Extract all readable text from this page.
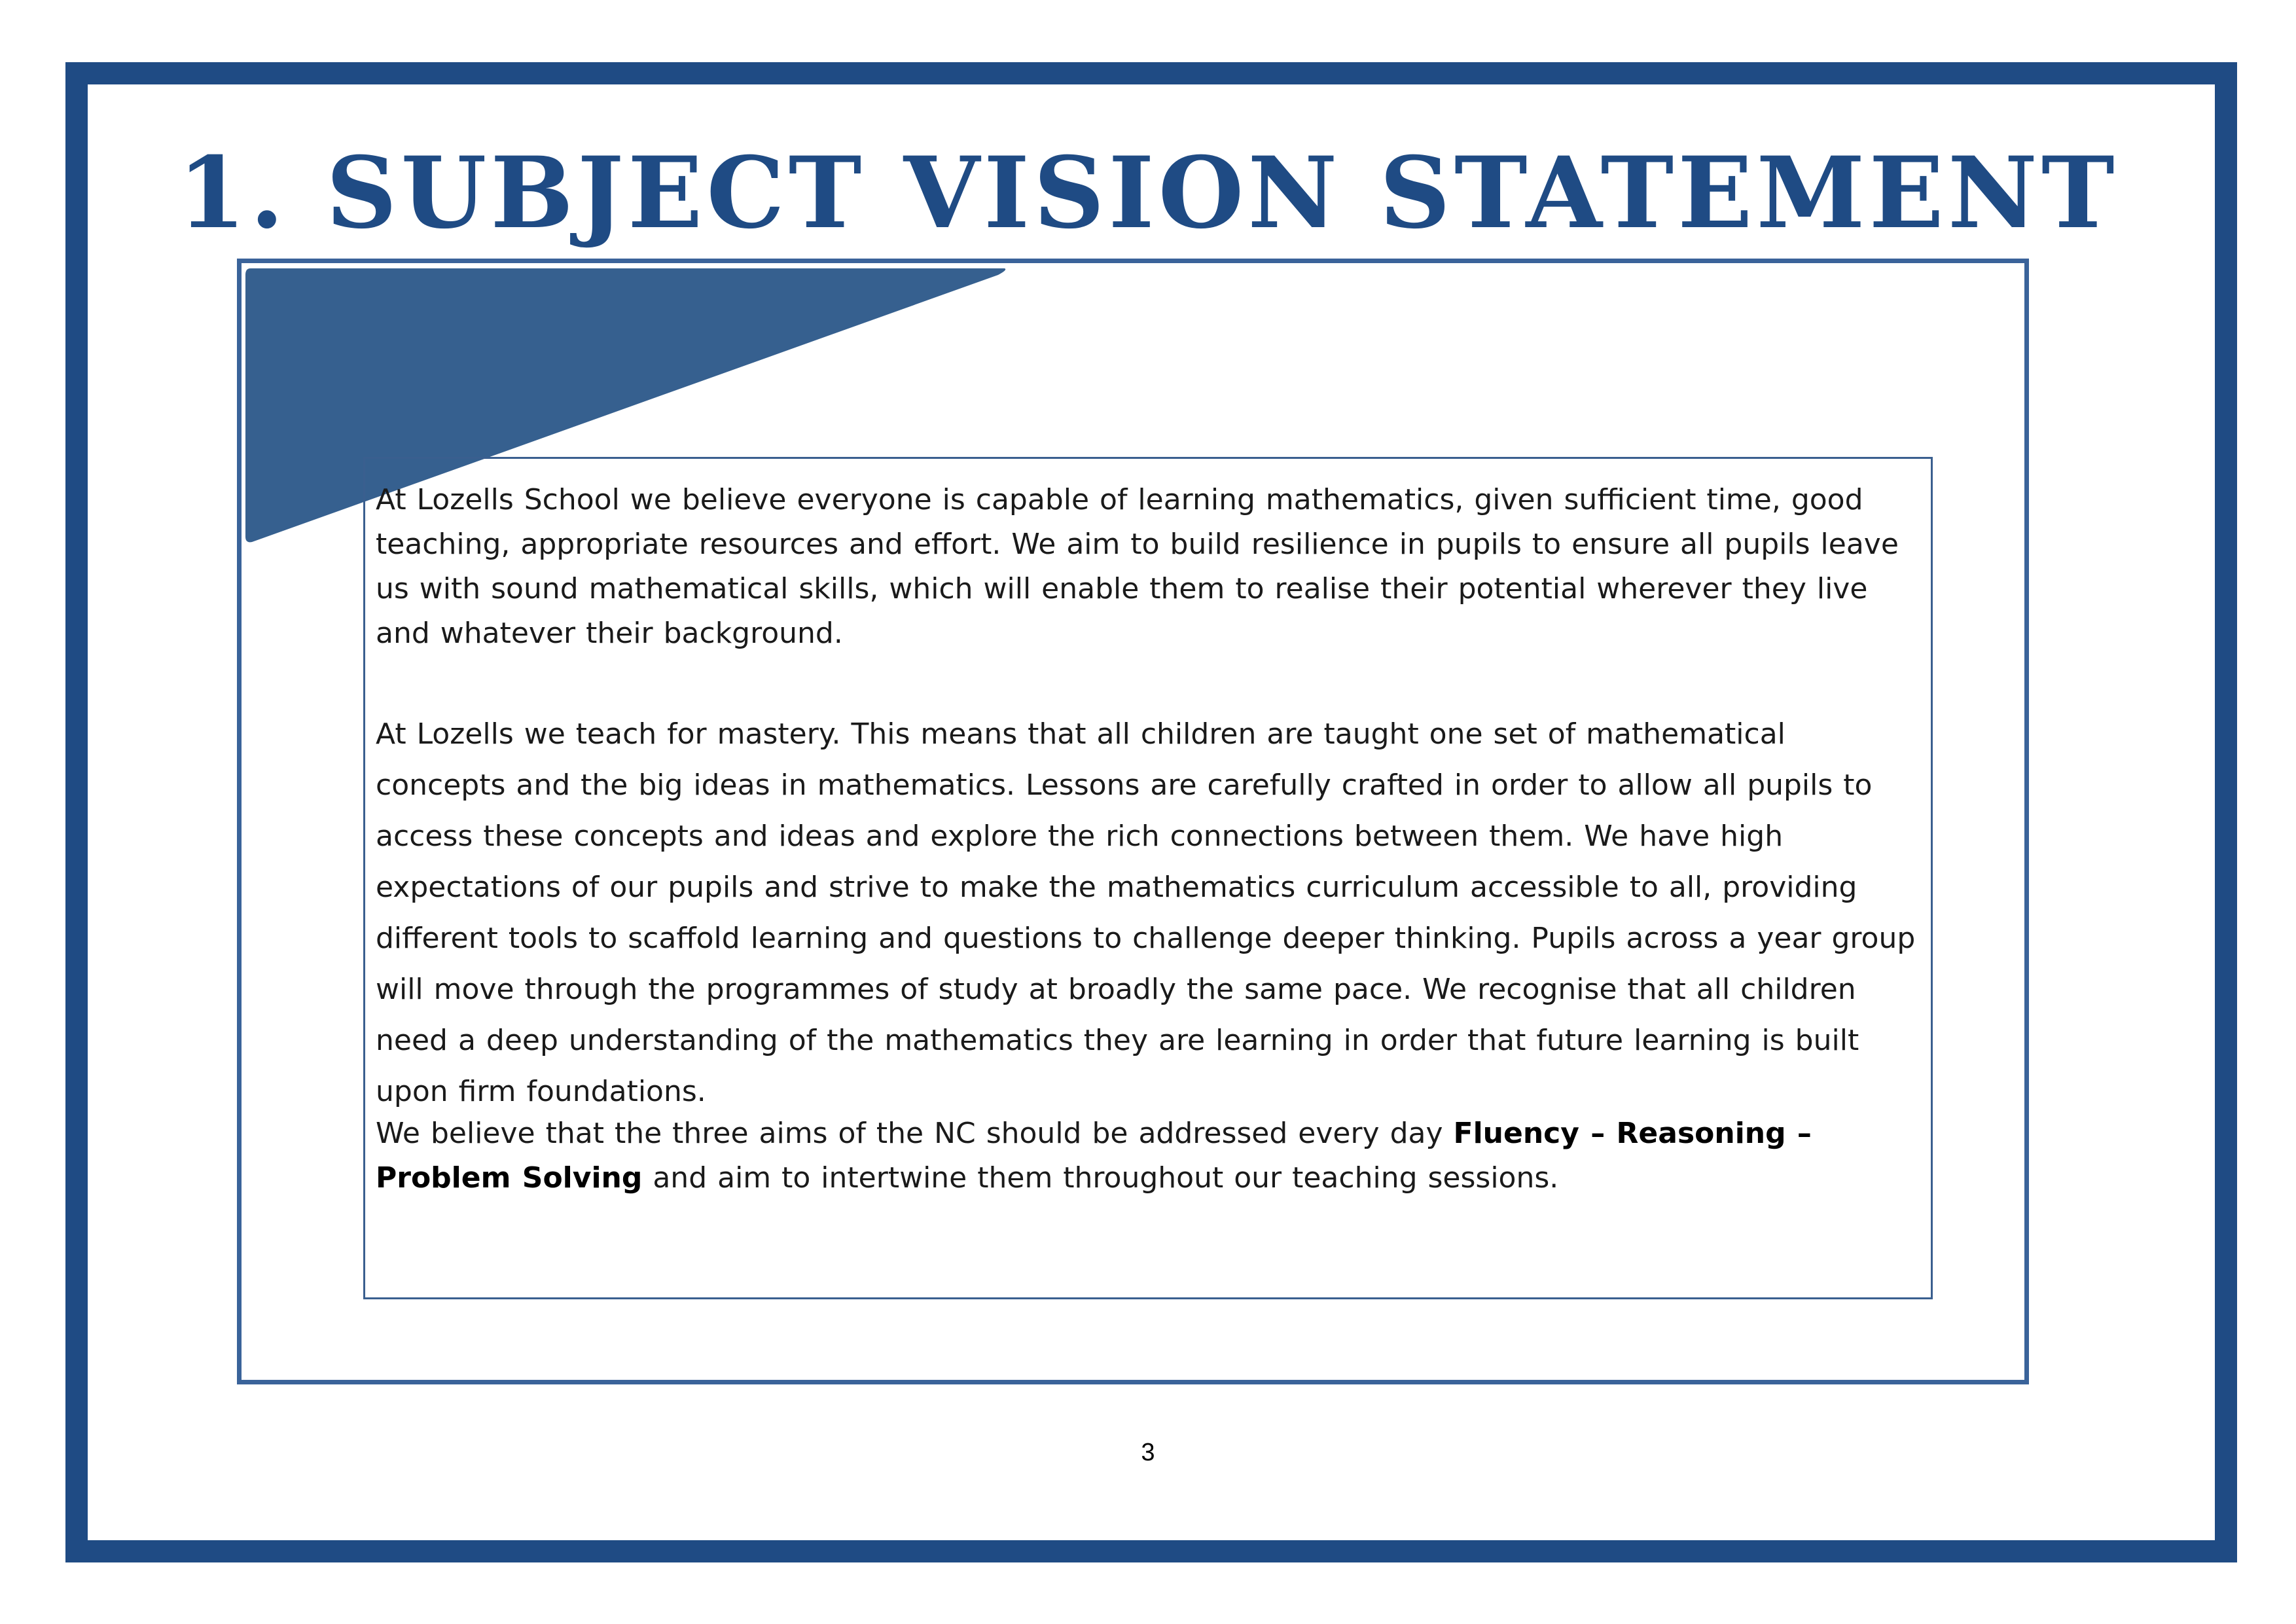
1. SUBJECT VISION STATEMENT

At Lozells School we believe everyone is capable of learning mathematics, given sufficient time, good teaching, appropriate resources and effort. We aim to build resilience in pupils to ensure all pupils leave us with sound mathematical skills, which will enable them to realise their potential wherever they live and whatever their background.

At Lozells we teach for mastery. This means that all children are taught one set of mathematical concepts and the big ideas in mathematics. Lessons are carefully crafted in order to allow all pupils to access these concepts and ideas and explore the rich connections between them. We have high expectations of our pupils and strive to make the mathematics curriculum accessible to all, providing different tools to scaffold learning and questions to challenge deeper thinking. Pupils across a year group will move through the programmes of study at broadly the same pace. We recognise that all children need a deep understanding of the mathematics they are learning in order that future learning is built upon firm foundations.

We believe that the three aims of the NC should be addressed every day Fluency – Reasoning – Problem Solving and aim to intertwine them throughout our teaching sessions.

3
